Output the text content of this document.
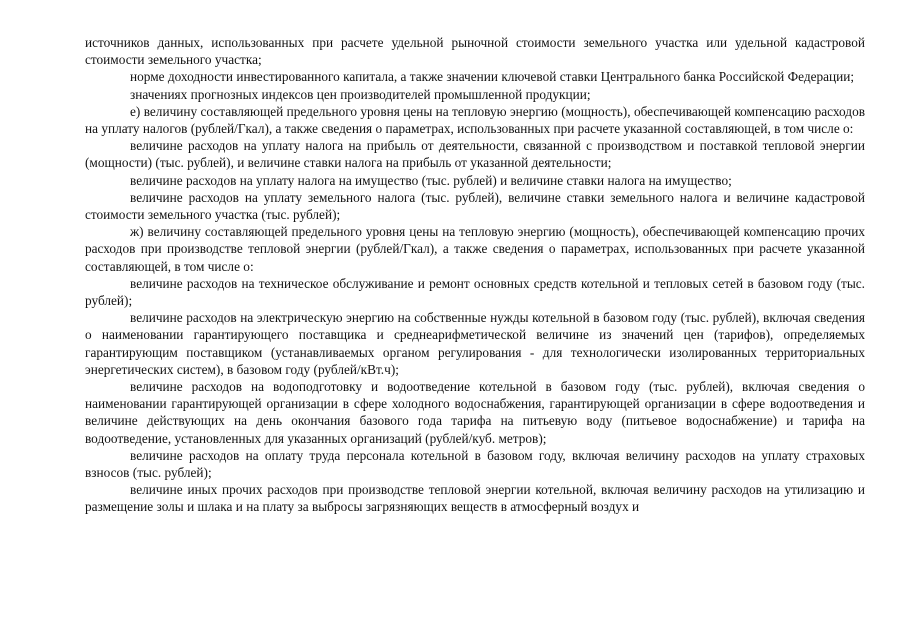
источников данных, использованных при расчете удельной рыночной стоимости земельного участка или удельной кадастровой стоимости земельного участка;

норме доходности инвестированного капитала, а также значении ключевой ставки Центрального банка Российской Федерации;

значениях прогнозных индексов цен производителей промышленной продукции;

е) величину составляющей предельного уровня цены на тепловую энергию (мощность), обеспечивающей компенсацию расходов на уплату налогов (рублей/Гкал), а также сведения о параметрах, использованных при расчете указанной составляющей, в том числе о:

величине расходов на уплату налога на прибыль от деятельности, связанной с производством и поставкой тепловой энергии (мощности) (тыс. рублей), и величине ставки налога на прибыль от указанной деятельности;

величине расходов на уплату налога на имущество (тыс. рублей) и величине ставки налога на имущество;

величине расходов на уплату земельного налога (тыс. рублей), величине ставки земельного налога и величине кадастровой стоимости земельного участка (тыс. рублей);

ж) величину составляющей предельного уровня цены на тепловую энергию (мощность), обеспечивающей компенсацию прочих расходов при производстве тепловой энергии (рублей/Гкал), а также сведения о параметрах, использованных при расчете указанной составляющей, в том числе о:

величине расходов на техническое обслуживание и ремонт основных средств котельной и тепловых сетей в базовом году (тыс. рублей);

величине расходов на электрическую энергию на собственные нужды котельной в базовом году (тыс. рублей), включая сведения о наименовании гарантирующего поставщика и среднеарифметической величине из значений цен (тарифов), определяемых гарантирующим поставщиком (устанавливаемых органом регулирования - для технологически изолированных территориальных энергетических систем), в базовом году (рублей/кВт.ч);

величине расходов на водоподготовку и водоотведение котельной в базовом году (тыс. рублей), включая сведения о наименовании гарантирующей организации в сфере холодного водоснабжения, гарантирующей организации в сфере водоотведения и величине действующих на день окончания базового года тарифа на питьевую воду (питьевое водоснабжение) и тарифа на водоотведение, установленных для указанных организаций (рублей/куб. метров);

величине расходов на оплату труда персонала котельной в базовом году, включая величину расходов на уплату страховых взносов (тыс. рублей);

величине иных прочих расходов при производстве тепловой энергии котельной, включая величину расходов на утилизацию и размещение золы и шлака и на плату за выбросы загрязняющих веществ в атмосферный воздух и
